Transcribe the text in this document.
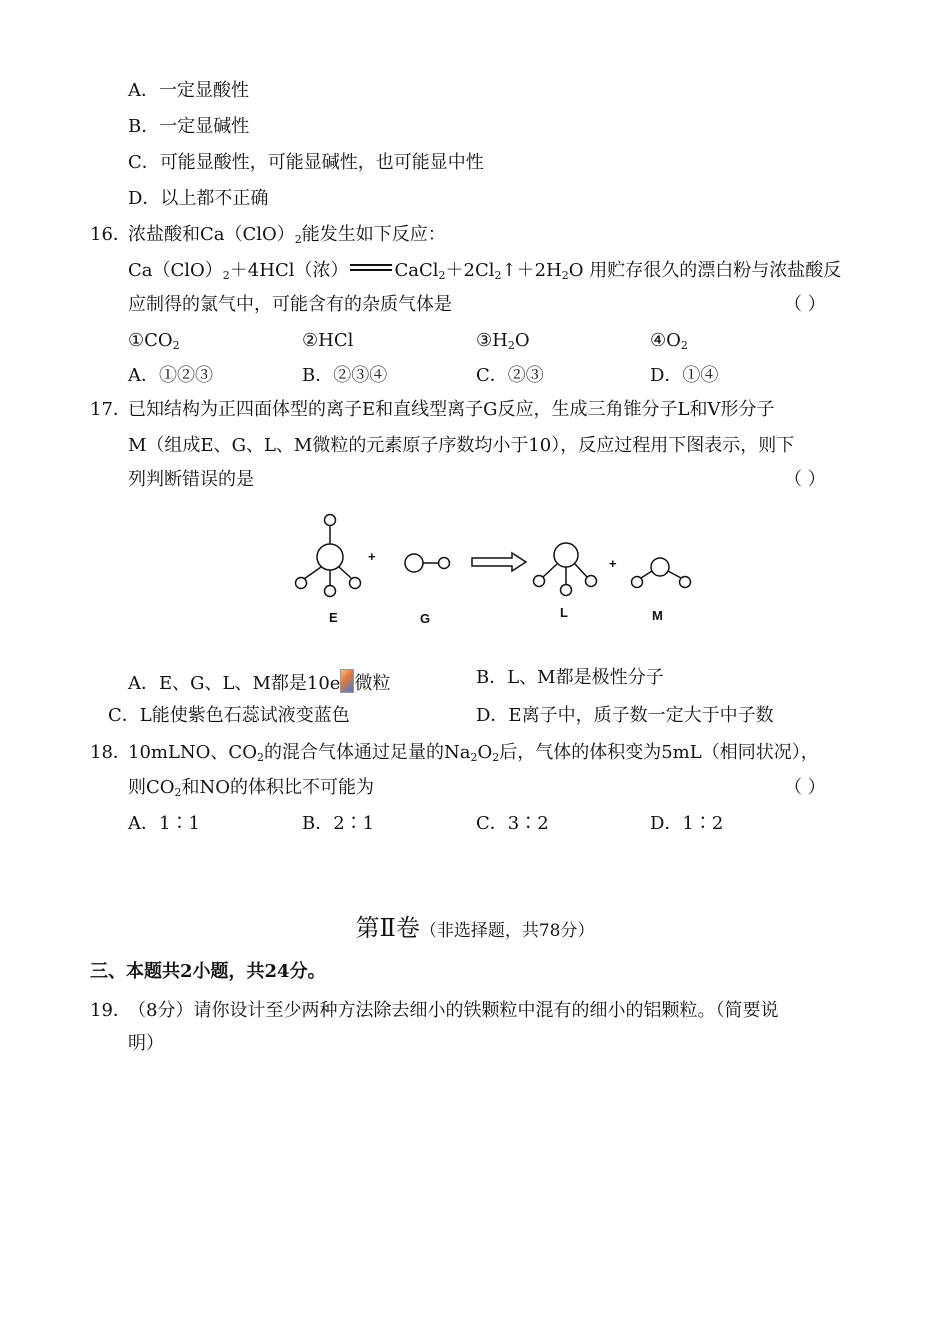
A．一定显酸性
B．一定显碱性
C．可能显酸性，可能显碱性，也可能显中性
D．以上都不正确
16．
浓盐酸和$Ca(ClO)_2$能发生如下反应：
$Ca(ClO)_2+4HCl$（浓）	$CaCl_2+2Cl_2↑+2H_2O$ 用贮存很久的漂白粉与浓盐酸反
应制得的氯气中，可能含有的杂质气体是	（ ）
$①CO_2$	②HCl	$③H_2O$	$④O_2$
A．①②③	B．②③④	C．②③	D．①④
17．
已知结构为正四面体型的离子E和直线型离子G反应，生成三角锥分子L和V形分子
M（组成E、G、L、M微粒的元素原子序数均小于10），反应过程用下图表示，则下
列判断错误的是	（ ）
+	+
E	G	L	M
A．E、G、L、M都是10e 微粒	B．L、M都是极性分子
C．L能使紫色石蕊试液变蓝色	D．E离子中，质子数一定大于中子数
18．
10mLNO、$CO_2$的混合气体通过足量的$Na_2O_2$后，气体的体积变为5mL（相同状况），
则$CO_2$和NO的体积比不可能为	（ ）
A．1∶1	B．2∶1	C．3∶2	D．1∶2
第Ⅱ卷（非选择题，共78分）
三、本题共2小题，共24分。
19．
（8分）请你设计至少两种方法除去细小的铁颗粒中混有的细小的铝颗粒。（简要说
明）
